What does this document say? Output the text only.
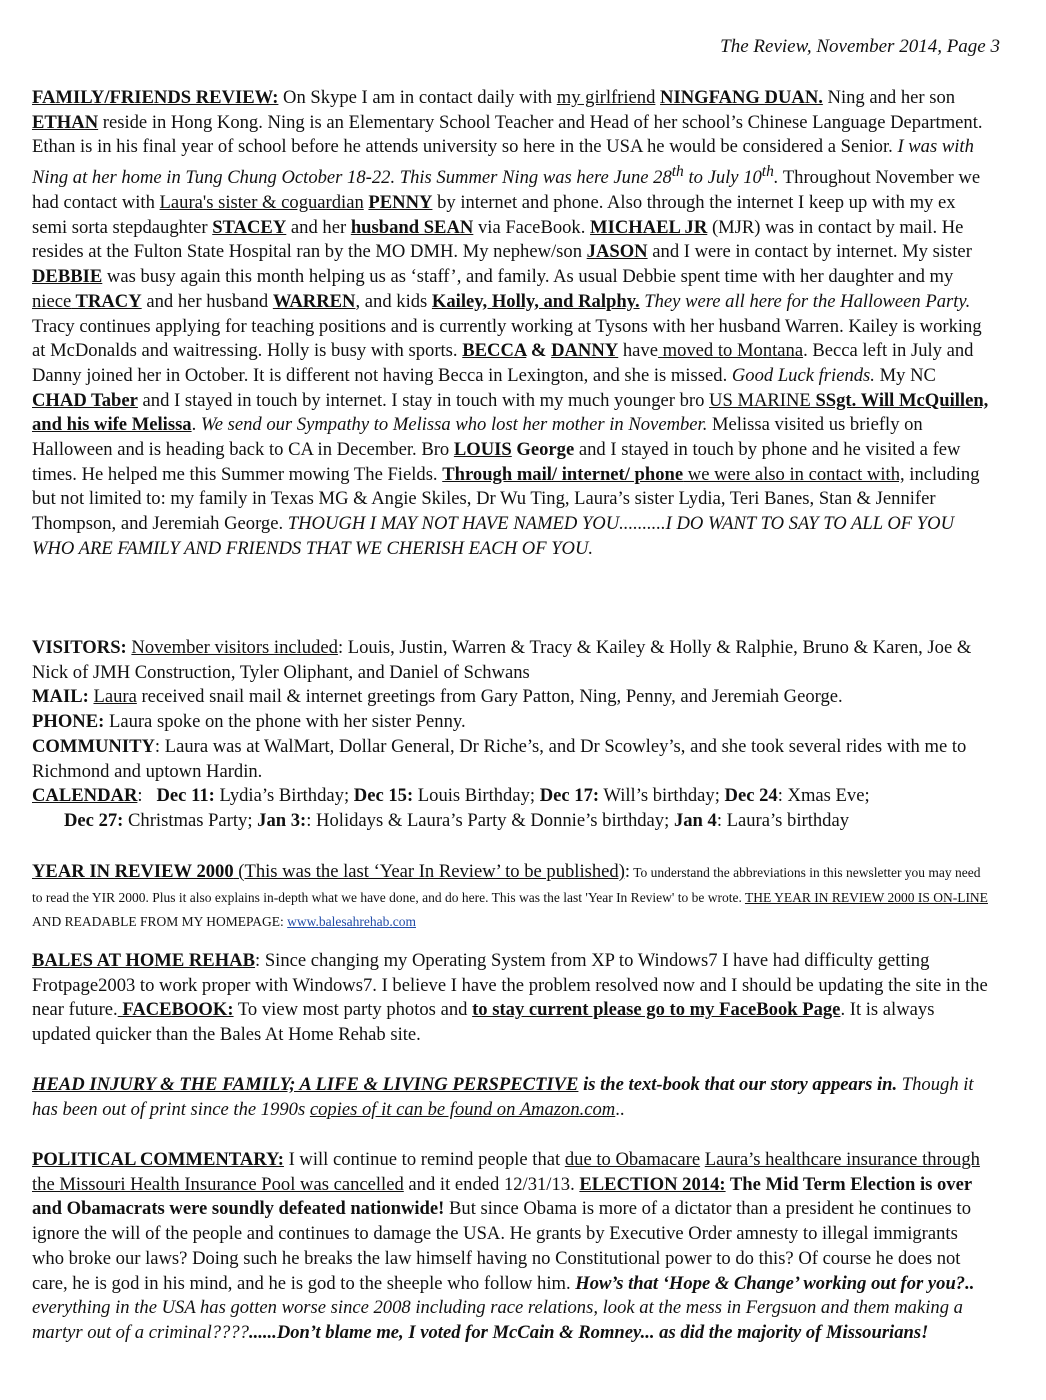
The Review, November 2014, Page 3

FAMILY/FRIENDS REVIEW: On Skype I am in contact daily with my girlfriend NINGFANG DUAN. Ning and her son ETHAN reside in Hong Kong. Ning is an Elementary School Teacher and Head of her school’s Chinese Language Department. Ethan is in his final year of school before he attends university so here in the USA he would be considered a Senior. I was with Ning at her home in Tung Chung October 18-22. This Summer Ning was here June 28th to July 10th. Throughout November we had contact with Laura's sister & coguardian PENNY by internet and phone. Also through the internet I keep up with my ex semi sorta stepdaughter STACEY and her husband SEAN via FaceBook. MICHAEL JR (MJR) was in contact by mail. He resides at the Fulton State Hospital ran by the MO DMH. My nephew/son JASON and I were in contact by internet. My sister DEBBIE was busy again this month helping us as ‘staff’, and family. As usual Debbie spent time with her daughter and my niece TRACY and her husband WARREN, and kids Kailey, Holly, and Ralphy. They were all here for the Halloween Party. Tracy continues applying for teaching positions and is currently working at Tysons with her husband Warren. Kailey is working at McDonalds and waitressing. Holly is busy with sports. BECCA & DANNY have moved to Montana. Becca left in July and Danny joined her in October. It is different not having Becca in Lexington, and she is missed. Good Luck friends. My NC CHAD Taber and I stayed in touch by internet. I stay in touch with my much younger bro US MARINE SSgt. Will McQuillen, and his wife Melissa. We send our Sympathy to Melissa who lost her mother in November. Melissa visited us briefly on Halloween and is heading back to CA in December. Bro LOUIS George and I stayed in touch by phone and he visited a few times. He helped me this Summer mowing The Fields. Through mail/ internet/ phone we were also in contact with, including but not limited to: my family in Texas MG & Angie Skiles, Dr Wu Ting, Laura’s sister Lydia, Teri Banes, Stan & Jennifer Thompson, and Jeremiah George. THOUGH I MAY NOT HAVE NAMED YOU..........I DO WANT TO SAY TO ALL OF YOU WHO ARE FAMILY AND FRIENDS THAT WE CHERISH EACH OF YOU.

VISITORS: November visitors included: Louis, Justin, Warren & Tracy & Kailey & Holly & Ralphie, Bruno & Karen, Joe & Nick of JMH Construction, Tyler Oliphant, and Daniel of Schwans

MAIL: Laura received snail mail & internet greetings from Gary Patton, Ning, Penny, and Jeremiah George.

PHONE: Laura spoke on the phone with her sister Penny.

COMMUNITY: Laura was at WalMart, Dollar General, Dr Riche’s, and Dr Scowley’s, and she took several rides with me to Richmond and uptown Hardin.

CALENDAR:   Dec 11: Lydia’s Birthday; Dec 15: Louis Birthday; Dec 17: Will’s birthday; Dec 24: Xmas Eve;

Dec 27: Christmas Party; Jan 3:: Holidays & Laura’s Party & Donnie’s birthday; Jan 4: Laura’s birthday

YEAR IN REVIEW 2000 (This was the last ‘Year In Review’ to be published): To understand the abbreviations in this newsletter you may need to read the YIR 2000. Plus it also explains in-depth what we have done, and do here. This was the last 'Year In Review' to be wrote. THE YEAR IN REVIEW 2000 IS ON-LINE AND READABLE FROM MY HOMEPAGE: www.balesahrehab.com

BALES AT HOME REHAB: Since changing my Operating System from XP to Windows7 I have had difficulty getting Frotpage2003 to work proper with Windows7. I believe I have the problem resolved now and I should be updating the site in the near future. FACEBOOK: To view most party photos and to stay current please go to my FaceBook Page. It is always updated quicker than the Bales At Home Rehab site.

HEAD INJURY & THE FAMILY; A LIFE & LIVING PERSPECTIVE is the text-book that our story appears in. Though it has been out of print since the 1990s copies of it can be found on Amazon.com..

POLITICAL COMMENTARY: I will continue to remind people that due to Obamacare Laura’s healthcare insurance through the Missouri Health Insurance Pool was cancelled and it ended 12/31/13. ELECTION 2014: The Mid Term Election is over and Obamacrats were soundly defeated nationwide! But since Obama is more of a dictator than a president he continues to ignore the will of the people and continues to damage the USA. He grants by Executive Order amnesty to illegal immigrants who broke our laws? Doing such he breaks the law himself having no Constitutional power to do this? Of course he does not care, he is god in his mind, and he is god to the sheeple who follow him. How’s that ‘Hope & Change’ working out for you?.. everything in the USA has gotten worse since 2008 including race relations, look at the mess in Fergsuon and them making a martyr out of a criminal????......Don’t blame me, I voted for McCain & Romney... as did the majority of Missourians!
